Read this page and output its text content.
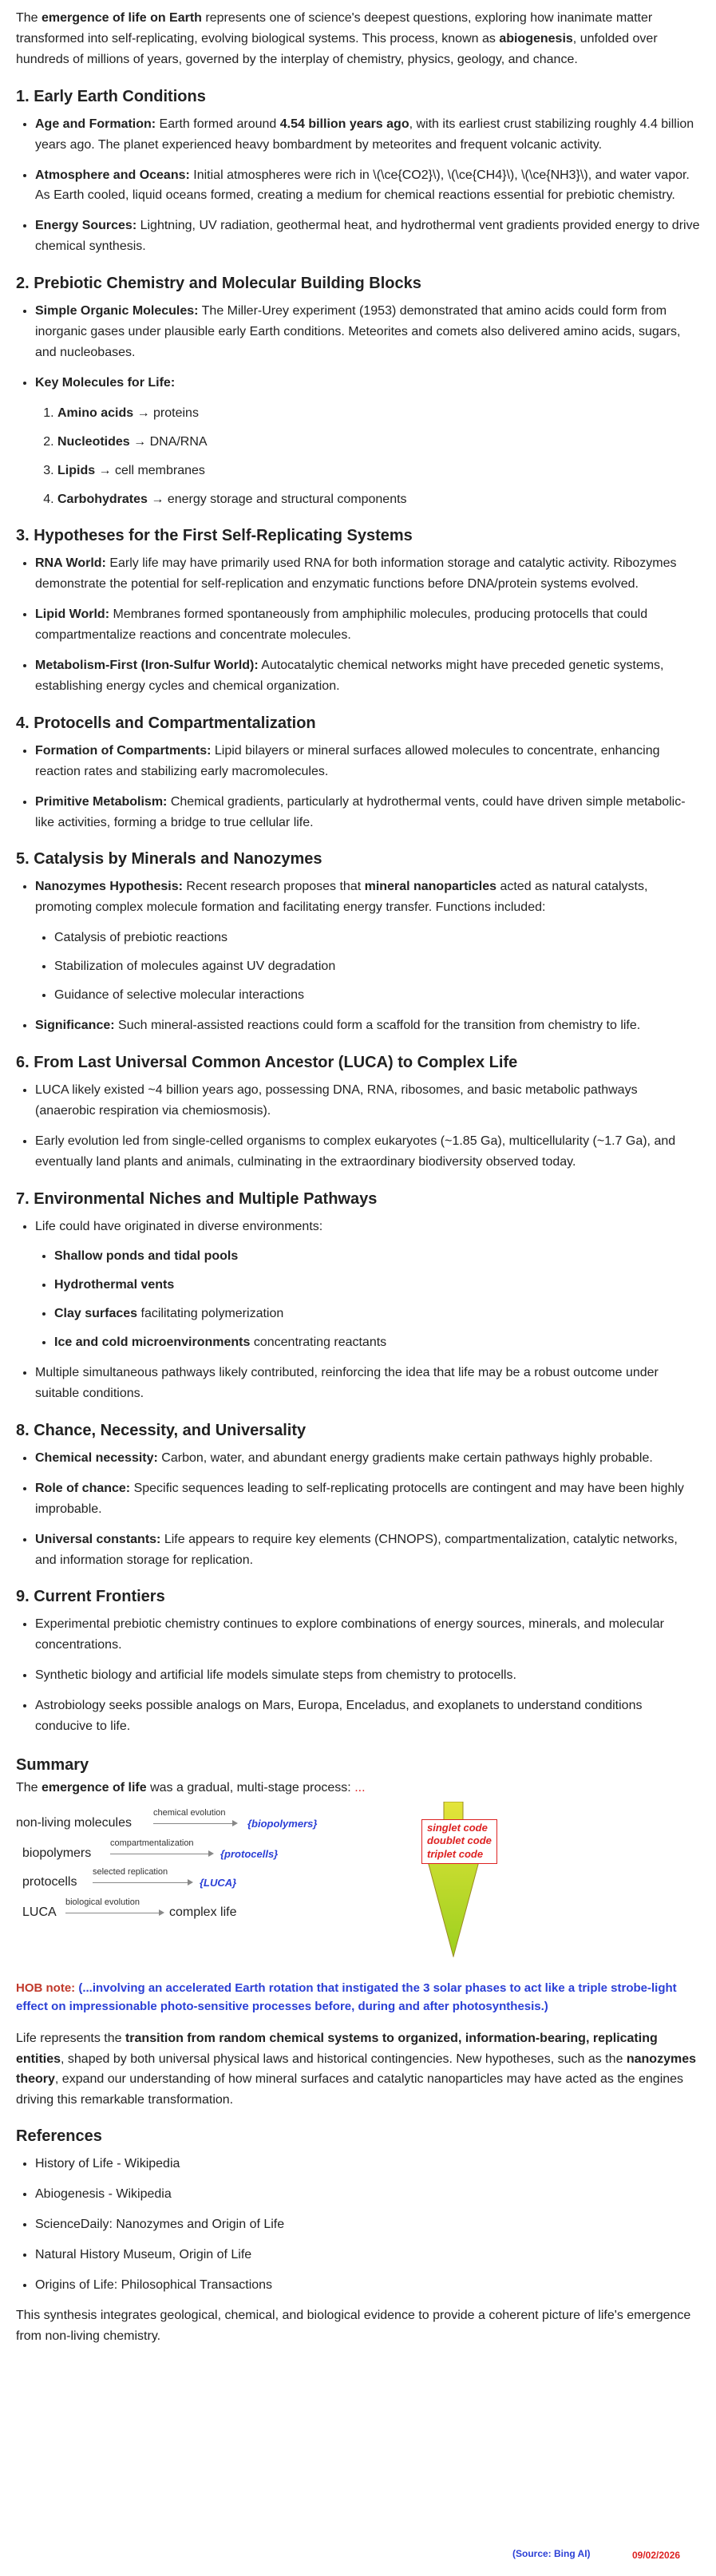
The emergence of life on Earth represents one of science's deepest questions, exploring how inanimate matter transformed into self-replicating, evolving biological systems. This process, known as abiogenesis, unfolded over hundreds of millions of years, governed by the interplay of chemistry, physics, geology, and chance.

1. Early Earth Conditions
• Age and Formation: Earth formed around 4.54 billion years ago, with its earliest crust stabilizing roughly 4.4 billion years ago. The planet experienced heavy bombardment by meteorites and frequent volcanic activity.
• Atmosphere and Oceans: Initial atmospheres were rich in \(\ce{CO2}\), \(\ce{CH4}\), \(\ce{NH3}\), and water vapor. As Earth cooled, liquid oceans formed, creating a medium for chemical reactions essential for prebiotic chemistry.
• Energy Sources: Lightning, UV radiation, geothermal heat, and hydrothermal vent gradients provided energy to drive chemical synthesis.
2. Prebiotic Chemistry and Molecular Building Blocks
• Simple Organic Molecules: The Miller-Urey experiment (1953) demonstrated that amino acids could form from inorganic gases under plausible early Earth conditions. Meteorites and comets also delivered amino acids, sugars, and nucleobases.
• Key Molecules for Life:
1. Amino acids → proteins
2. Nucleotides → DNA/RNA
3. Lipids → cell membranes
4. Carbohydrates → energy storage and structural components
3. Hypotheses for the First Self-Replicating Systems
• RNA World: Early life may have primarily used RNA for both information storage and catalytic activity. Ribozymes demonstrate the potential for self-replication and enzymatic functions before DNA/protein systems evolved.
• Lipid World: Membranes formed spontaneously from amphiphilic molecules, producing protocells that could compartmentalize reactions and concentrate molecules.
• Metabolism-First (Iron-Sulfur World): Autocatalytic chemical networks might have preceded genetic systems, establishing energy cycles and chemical organization.
4. Protocells and Compartmentalization
• Formation of Compartments: Lipid bilayers or mineral surfaces allowed molecules to concentrate, enhancing reaction rates and stabilizing early macromolecules.
• Primitive Metabolism: Chemical gradients, particularly at hydrothermal vents, could have driven simple metabolic-like activities, forming a bridge to true cellular life.
5. Catalysis by Minerals and Nanozymes
• Nanozymes Hypothesis: Recent research proposes that mineral nanoparticles acted as natural catalysts, promoting complex molecule formation and facilitating energy transfer. Functions included:
• Catalysis of prebiotic reactions
• Stabilization of molecules against UV degradation
• Guidance of selective molecular interactions
• Significance: Such mineral-assisted reactions could form a scaffold for the transition from chemistry to life.
6. From Last Universal Common Ancestor (LUCA) to Complex Life
• LUCA likely existed ~4 billion years ago, possessing DNA, RNA, ribosomes, and basic metabolic pathways (anaerobic respiration via chemiosmosis).
• Early evolution led from single-celled organisms to complex eukaryotes (~1.85 Ga), multicellularity (~1.7 Ga), and eventually land plants and animals, culminating in the extraordinary biodiversity observed today.
7. Environmental Niches and Multiple Pathways
• Life could have originated in diverse environments:
• Shallow ponds and tidal pools
• Hydrothermal vents
• Clay surfaces facilitating polymerization
• Ice and cold microenvironments concentrating reactants
• Multiple simultaneous pathways likely contributed, reinforcing the idea that life may be a robust outcome under suitable conditions.
8. Chance, Necessity, and Universality
• Chemical necessity: Carbon, water, and abundant energy gradients make certain pathways highly probable.
• Role of chance: Specific sequences leading to self-replicating protocells are contingent and may have been highly improbable.
• Universal constants: Life appears to require key elements (CHNOPS), compartmentalization, catalytic networks, and information storage for replication.
9. Current Frontiers
• Experimental prebiotic chemistry continues to explore combinations of energy sources, minerals, and molecular concentrations.
• Synthetic biology and artificial life models simulate steps from chemistry to protocells.
• Astrobiology seeks possible analogs on Mars, Europa, Enceladus, and exoplanets to understand conditions conducive to life.
Summary

The emergence of life was a gradual, multi-stage process: ...

non-living molecules
chemical evolution
{biopolymers}
biopolymers
compartmentalization
{protocells}
protocells
selected replication
{LUCA}
LUCA
biological evolution
complex life
singlet code
doublet code
triplet code

HOB note: (...involving an accelerated Earth rotation that instigated the 3 solar phases to act like a triple strobe-light effect on impressionable photo-sensitive processes before, during and after photosynthesis.)

Life represents the transition from random chemical systems to organized, information-bearing, replicating entities, shaped by both universal physical laws and historical contingencies. New hypotheses, such as the nanozymes theory, expand our understanding of how mineral surfaces and catalytic nanoparticles may have acted as the engines driving this remarkable transformation.

References
• History of Life - Wikipedia
• Abiogenesis - Wikipedia
• ScienceDaily: Nanozymes and Origin of Life
• Natural History Museum, Origin of Life
• Origins of Life: Philosophical Transactions

This synthesis integrates geological, chemical, and biological evidence to provide a coherent picture of life's emergence from non-living chemistry.

(Source: Bing AI)	09/02/2026
